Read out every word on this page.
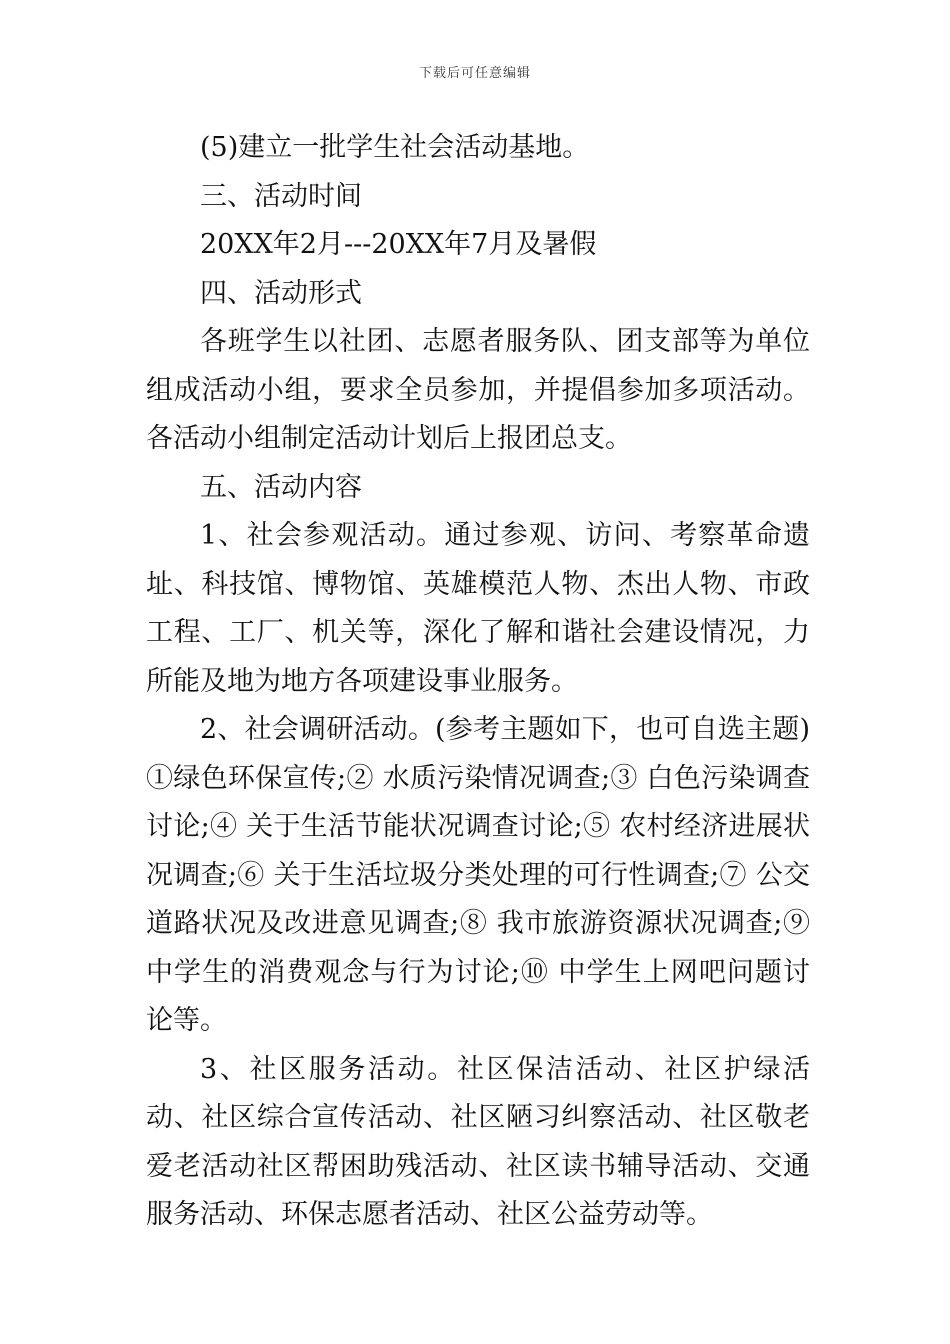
下载后可任意编辑

(5)建立一批学生社会活动基地。

三、活动时间

20XX年2月---20XX年7月及暑假

四、活动形式

各班学生以社团、志愿者服务队、团支部等为单位组成活动小组，要求全员参加，并提倡参加多项活动。各活动小组制定活动计划后上报团总支。

五、活动内容

1、社会参观活动。通过参观、访问、考察革命遗址、科技馆、博物馆、英雄模范人物、杰出人物、市政工程、工厂、机关等，深化了解和谐社会建设情况，力所能及地为地方各项建设事业服务。

2、社会调研活动。(参考主题如下，也可自选主题)①绿色环保宣传;② 水质污染情况调查;③ 白色污染调查讨论;④ 关于生活节能状况调查讨论;⑤ 农村经济进展状况调查;⑥ 关于生活垃圾分类处理的可行性调查;⑦ 公交道路状况及改进意见调查;⑧ 我市旅游资源状况调查;⑨ 中学生的消费观念与行为讨论;⑩ 中学生上网吧问题讨论等。

3、社区服务活动。社区保洁活动、社区护绿活动、社区综合宣传活动、社区陋习纠察活动、社区敬老爱老活动社区帮困助残活动、社区读书辅导活动、交通服务活动、环保志愿者活动、社区公益劳动等。
